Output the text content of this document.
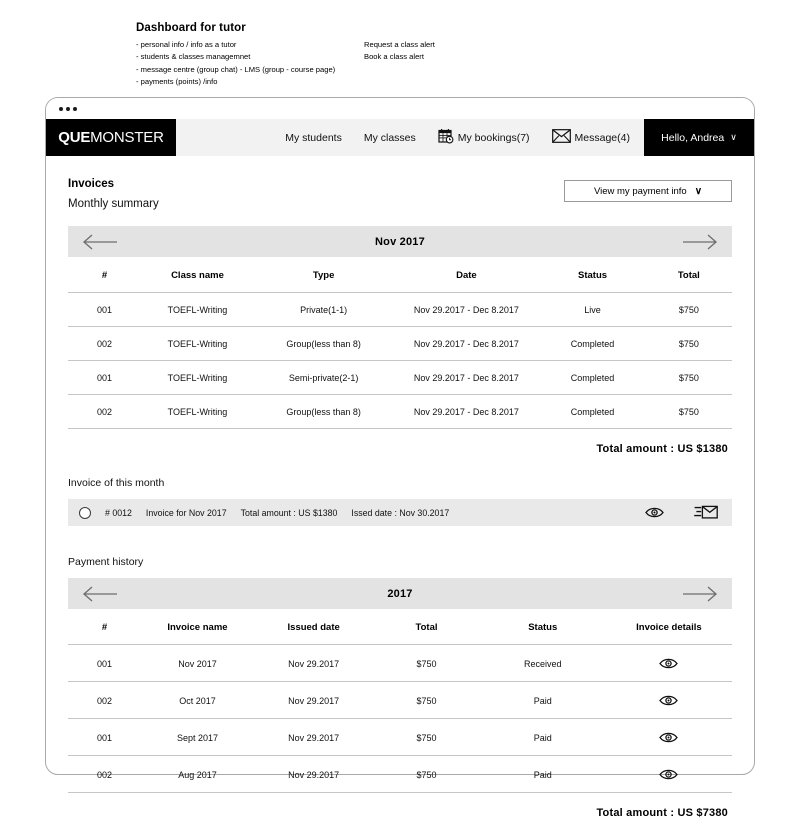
Dashboard for tutor
- personal info / info as a tutor
- students & classes managemnet
- message centre (group chat) - LMS (group - course page)
- payments (points) /info
Request a class alert
Book a class alert
QUE MONSTER	My students My classes	My bookings(7)	Message(4)	Hello, Andrea ∨
Invoices
Monthly summary
View my payment info ∨
Nov 2017
#	Class name	Type	Date	Status	Total
001	TOEFL-Writing	Private(1-1)	Nov 29.2017 - Dec 8.2017	Live	$750
002	TOEFL-Writing	Group(less than 8)	Nov 29.2017 - Dec 8.2017	Completed	$750
001	TOEFL-Writing	Semi-private(2-1)	Nov 29.2017 - Dec 8.2017	Completed	$750
002	TOEFL-Writing	Group(less than 8)	Nov 29.2017 - Dec 8.2017	Completed	$750
Total amount : US $1380
Invoice of this month
# 0012 Invoice for Nov 2017 Total amount : US $1380 Issed date : Nov 30.2017
Payment history
2017
#	Invoice name	Issued date	Total	Status	Invoice details
001	Nov 2017	Nov 29.2017	$750	Received	

002	Oct 2017	Nov 29.2017	$750	Paid	

001	Sept 2017	Nov 29.2017	$750	Paid	

002	Aug 2017	Nov 29.2017	$750	Paid	
Total amount : US $7380
